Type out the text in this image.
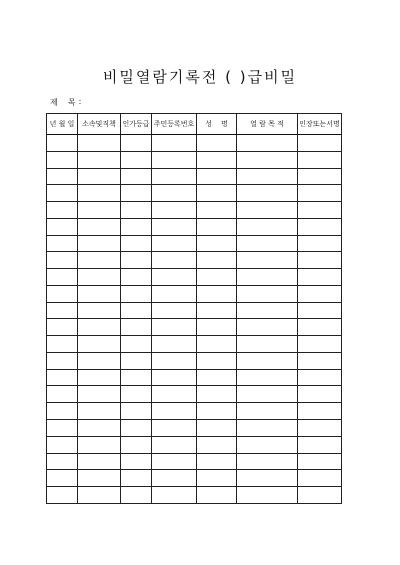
비밀열람기록전 ( )급비밀
제    목 :
년 월 일	소속및직책	인가등급	주민등록번호	성    명	열 람 목 적	인장또는서명
